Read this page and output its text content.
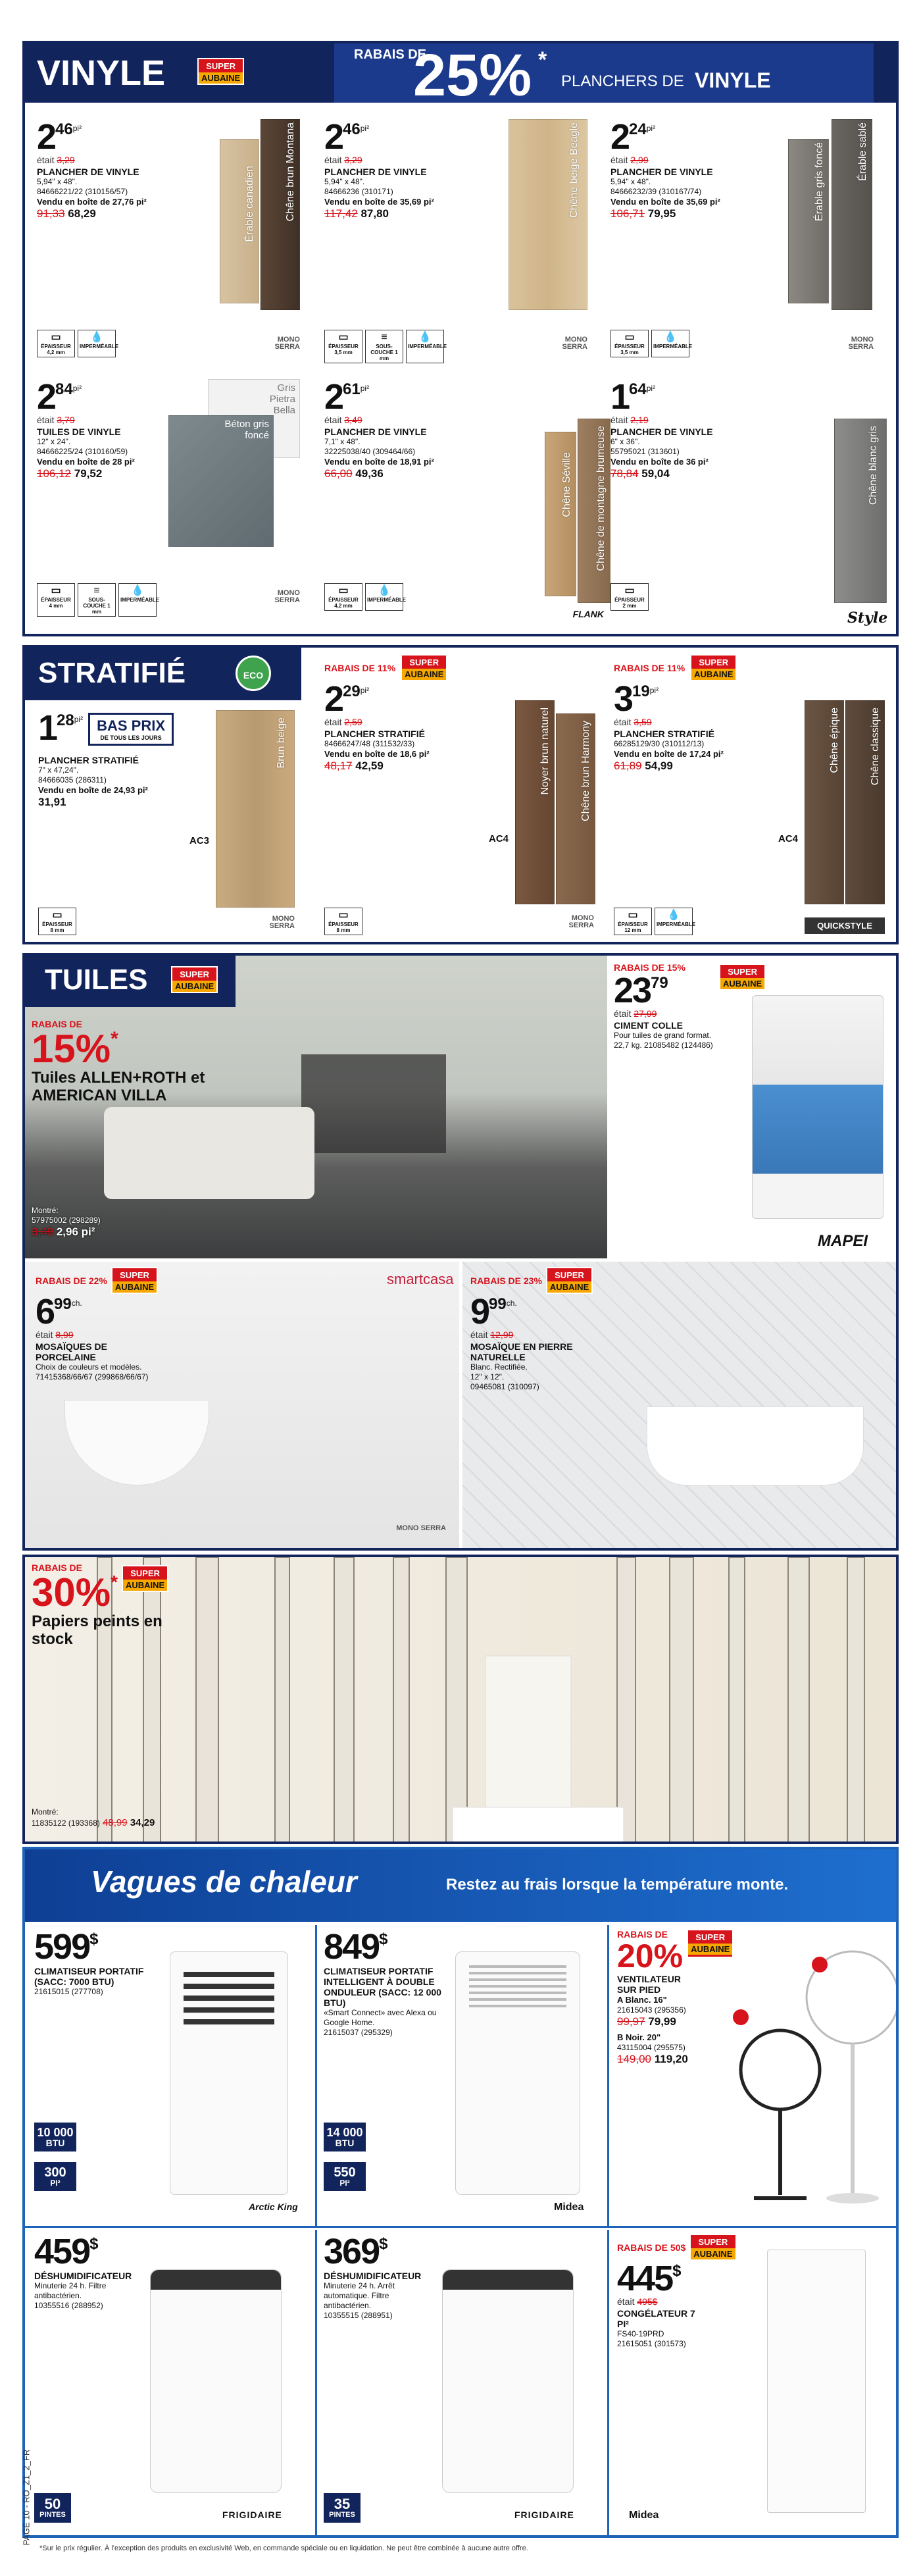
VINYLE	SUPER
AUBAINE
RABAIS DE
25% *
PLANCHERS DE VINYLE
$246^{pi^2}$
était 3,29
PLANCHER DE VINYLE
5,94" x 48".
84666221/22 (310156/57)
Vendu en boîte de 27,76 pi²
91,33 68,29	Érable canadien	Chêne brun Montana
▭
ÉPAISSEUR 4,2 mm
💧
IMPERMÉABLE
MONO SERRA
$246^{pi^2}$
était 3,29
PLANCHER DE VINYLE
5,94" x 48".
84666236 (310171)
Vendu en boîte de 35,69 pi²
117,42 87,80	Chêne beige Beagle
▭
ÉPAISSEUR 3,5 mm
≡
SOUS-COUCHE 1 mm
💧
IMPERMÉABLE
MONO SERRA
$224^{pi^2}$
était 2,99
PLANCHER DE VINYLE
5,94" x 48".
84666232/39 (310167/74)
Vendu en boîte de 35,69 pi²
106,71 79,95	Érable gris foncé	Érable sablé
▭
ÉPAISSEUR 3,5 mm
💧
IMPERMÉABLE
MONO SERRA
$284^{pi^2}$
était 3,79
TUILES DE VINYLE
12" x 24".
84666225/24 (310160/59)
Vendu en boîte de 28 pi²
106,12 79,52
Gris Pietra Bella
Béton gris foncé
▭
ÉPAISSEUR 4 mm
≡
SOUS-COUCHE 1 mm
💧
IMPERMÉABLE
MONO SERRA
$261^{pi^2}$
était 3,49
PLANCHER DE VINYLE
7,1" x 48".
32225038/40 (309464/66)
Vendu en boîte de 18,91 pi²
66,00 49,36
▭
ÉPAISSEUR 4,2 mm
💧
IMPERMÉABLE
$164^{pi^2}$
était 2,19
PLANCHER DE VINYLE
6" x 36".
55795021 (313601)
Vendu en boîte de 36 pi²
78,84 59,04
▭
ÉPAISSEUR 2 mm
Chêne Séville Chêne de montagne brumeuse
FLANK
Chêne blanc gris
Style
STRATIFIÉ	ECO
$128^{pi^2}$ BAS PRIX
DE TOUS LES JOURS
PLANCHER STRATIFIÉ
7" x 47,24".
84666035 (286311)
Vendu en boîte de 24,93 pi²
31,91
Brun beige
AC3
▭
ÉPAISSEUR 8 mm
MONO SERRA
RABAIS DE 11%	SUPER
AUBAINE
$229^{pi^2}$
était 2,59
PLANCHER STRATIFIÉ
84666247/48 (311532/33)
Vendu en boîte de 18,6 pi²
48,17 42,59	Noyer brun naturel	Chêne brun Harmony
AC4
▭
ÉPAISSEUR 8 mm
MONO SERRA
RABAIS DE 11%	SUPER
AUBAINE
$319^{pi^2}$
était 3,59
PLANCHER STRATIFIÉ
66285129/30 (310112/13)
Vendu en boîte de 17,24 pi²
61,89 54,99	Chêne épique	Chêne classique
AC4
▭
ÉPAISSEUR 12 mm
💧
IMPERMÉABLE	QUICKSTYLE
TUILES	SUPER
AUBAINE
RABAIS DE
15%*
Tuiles ALLEN+ROTH et AMERICAN VILLA
Montré:
57975002 (298289)
3,49 2,96 pi²
RABAIS DE 15%	SUPER
AUBAINE
2379
était 27,99
CIMENT COLLE
Pour tuiles de grand format.
22,7 kg. 21085482 (124486)
MAPEI
RABAIS DE 22%	SUPER
AUBAINE
$699^{ch.}$
était 8,99
MOSAÏQUES DE PORCELAINE
Choix de couleurs et modèles.
71415368/66/67 (299868/66/67)
smartcasa
MONO SERRA
RABAIS DE 23%	SUPER
AUBAINE
$999^{ch.}$
était 12,99
MOSAÏQUE EN PIERRE NATURELLE
Blanc. Rectifiée.
12" x 12".
09465081 (310097)
RABAIS DE
30%*	SUPER
AUBAINE
Papiers peints en stock
Montré:
11835122 (193368) 48,99 34,29
Vagues de chaleur	Restez au frais lorsque la température monte.
599$
CLIMATISEUR PORTATIF (SACC: 7000 BTU)
21615015 (277708)
10 000
BTU
300
PI²
Arctic King
849$
CLIMATISEUR PORTATIF INTELLIGENT À DOUBLE ONDULEUR (SACC: 12 000 BTU)
«Smart Connect» avec Alexa ou Google Home.
21615037 (295329)
14 000
BTU
550
PI²
Midea
RABAIS DE
20%
SUPER
AUBAINE
VENTILATEUR SUR PIED
A Blanc. 16"
21615043 (295356)
99,97 79,99
B Noir. 20"
43115004 (295575)
149,00 119,20
459$
DÉSHUMIDIFICATEUR
Minuterie 24 h. Filtre antibactérien.
10355516 (288952)
50
PINTES	FRIGIDAIRE
369$
DÉSHUMIDIFICATEUR
Minuterie 24 h. Arrêt automatique. Filtre antibactérien.
10355515 (288951)
35
PINTES	FRIGIDAIRE
RABAIS DE 50$	SUPER
AUBAINE
445$
était 495$
CONGÉLATEUR 7 PI²
FS40-19PRD 21615051 (301573)
Midea
*Sur le prix régulier. À l'exception des produits en exclusivité Web, en commande spéciale ou en liquidation. Ne peut être combinée à aucune autre offre.
PAGE 10 - RO_Z1_2_FR
